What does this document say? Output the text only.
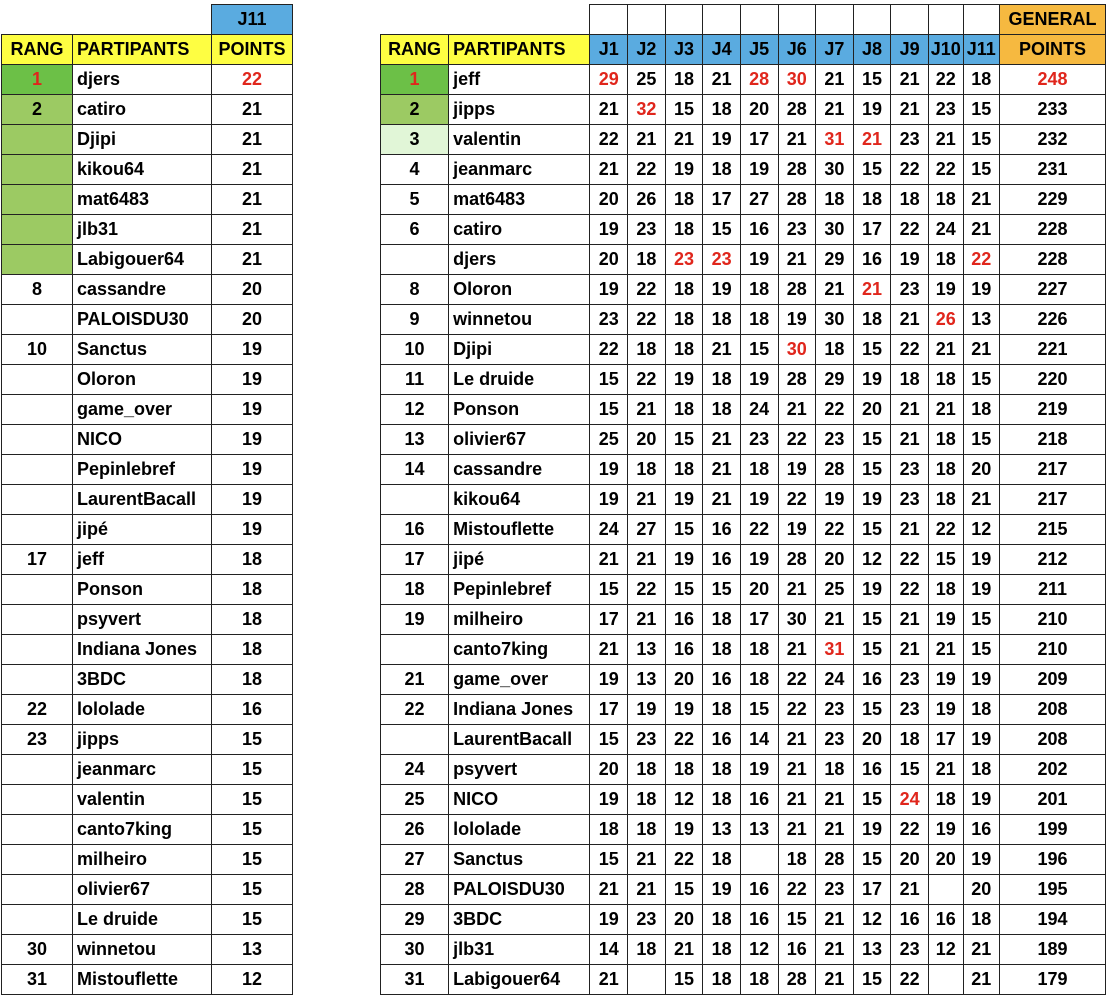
		J11
RANG	PARTIPANTS	POINTS
1	djers	22
2	catiro	21
	Djipi	21
	kikou64	21
	mat6483	21
	jlb31	21
	Labigouer64	21
8	cassandre	20
	PALOISDU30	20
10	Sanctus	19
	Oloron	19
	game_over	19
	NICO	19
	Pepinlebref	19
	LaurentBacall	19
	jipé	19
17	jeff	18
	Ponson	18
	psyvert	18
	Indiana Jones	18
	3BDC	18
22	lololade	16
23	jipps	15
	jeanmarc	15
	valentin	15
	canto7king	15
	milheiro	15
	olivier67	15
	Le druide	15
30	winnetou	13
31	Mistouflette	12
													GENERAL
RANG	PARTIPANTS	J1	J2	J3	J4	J5	J6	J7	J8	J9	J10	J11	POINTS
1	jeff	29	25	18	21	28	30	21	15	21	22	18	248
2	jipps	21	32	15	18	20	28	21	19	21	23	15	233
3	valentin	22	21	21	19	17	21	31	21	23	21	15	232
4	jeanmarc	21	22	19	18	19	28	30	15	22	22	15	231
5	mat6483	20	26	18	17	27	28	18	18	18	18	21	229
6	catiro	19	23	18	15	16	23	30	17	22	24	21	228
	djers	20	18	23	23	19	21	29	16	19	18	22	228
8	Oloron	19	22	18	19	18	28	21	21	23	19	19	227
9	winnetou	23	22	18	18	18	19	30	18	21	26	13	226
10	Djipi	22	18	18	21	15	30	18	15	22	21	21	221
11	Le druide	15	22	19	18	19	28	29	19	18	18	15	220
12	Ponson	15	21	18	18	24	21	22	20	21	21	18	219
13	olivier67	25	20	15	21	23	22	23	15	21	18	15	218
14	cassandre	19	18	18	21	18	19	28	15	23	18	20	217
	kikou64	19	21	19	21	19	22	19	19	23	18	21	217
16	Mistouflette	24	27	15	16	22	19	22	15	21	22	12	215
17	jipé	21	21	19	16	19	28	20	12	22	15	19	212
18	Pepinlebref	15	22	15	15	20	21	25	19	22	18	19	211
19	milheiro	17	21	16	18	17	30	21	15	21	19	15	210
	canto7king	21	13	16	18	18	21	31	15	21	21	15	210
21	game_over	19	13	20	16	18	22	24	16	23	19	19	209
22	Indiana Jones	17	19	19	18	15	22	23	15	23	19	18	208
	LaurentBacall	15	23	22	16	14	21	23	20	18	17	19	208
24	psyvert	20	18	18	18	19	21	18	16	15	21	18	202
25	NICO	19	18	12	18	16	21	21	15	24	18	19	201
26	lololade	18	18	19	13	13	21	21	19	22	19	16	199
27	Sanctus	15	21	22	18		18	28	15	20	20	19	196
28	PALOISDU30	21	21	15	19	16	22	23	17	21		20	195
29	3BDC	19	23	20	18	16	15	21	12	16	16	18	194
30	jlb31	14	18	21	18	12	16	21	13	23	12	21	189
31	Labigouer64	21		15	18	18	28	21	15	22		21	179
